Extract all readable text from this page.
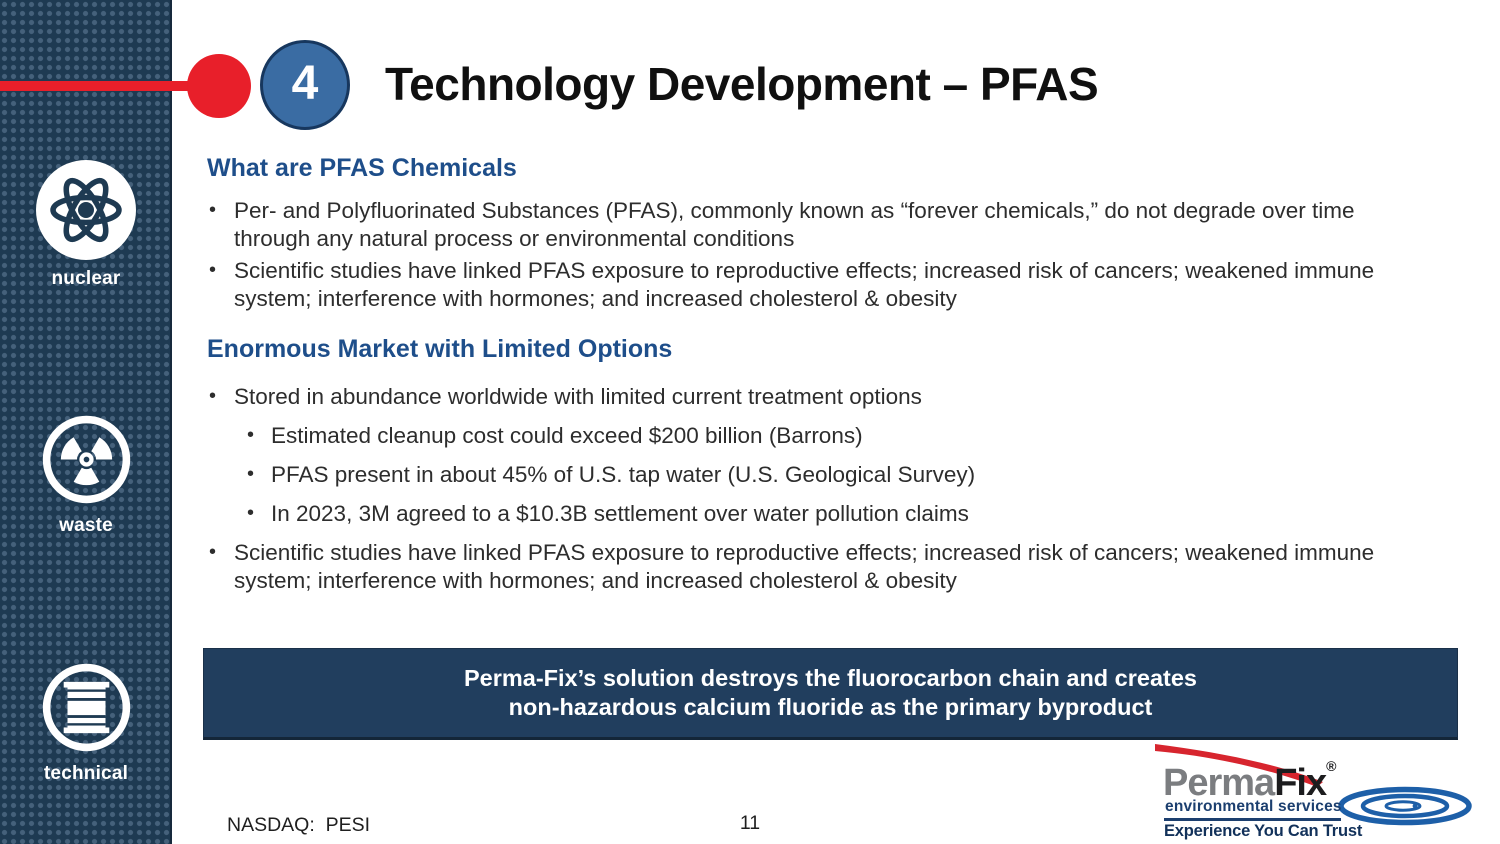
nuclear
waste
technical
4	Technology Development – PFAS
What are PFAS Chemicals
•
Per- and Polyfluorinated Substances (PFAS), commonly known as “forever chemicals,” do not degrade over time through any natural process or environmental conditions
•
Scientific studies have linked PFAS exposure to reproductive effects; increased risk of cancers; weakened immune system; interference with hormones; and increased cholesterol & obesity
Enormous Market with Limited Options
•
Stored in abundance worldwide with limited current treatment options
•
Estimated cleanup cost could exceed $200 billion (Barrons)
•
PFAS present in about 45% of U.S. tap water (U.S. Geological Survey)
•
In 2023, 3M agreed to a $10.3B settlement over water pollution claims
•
Scientific studies have linked PFAS exposure to reproductive effects; increased risk of cancers; weakened immune system; interference with hormones; and increased cholesterol & obesity

Perma-Fix’s solution destroys the fluorocarbon chain and creates

non-hazardous calcium fluoride as the primary byproduct

NASDAQ:  PESI	11
PermaFix®
environmental services
Experience You Can Trust
